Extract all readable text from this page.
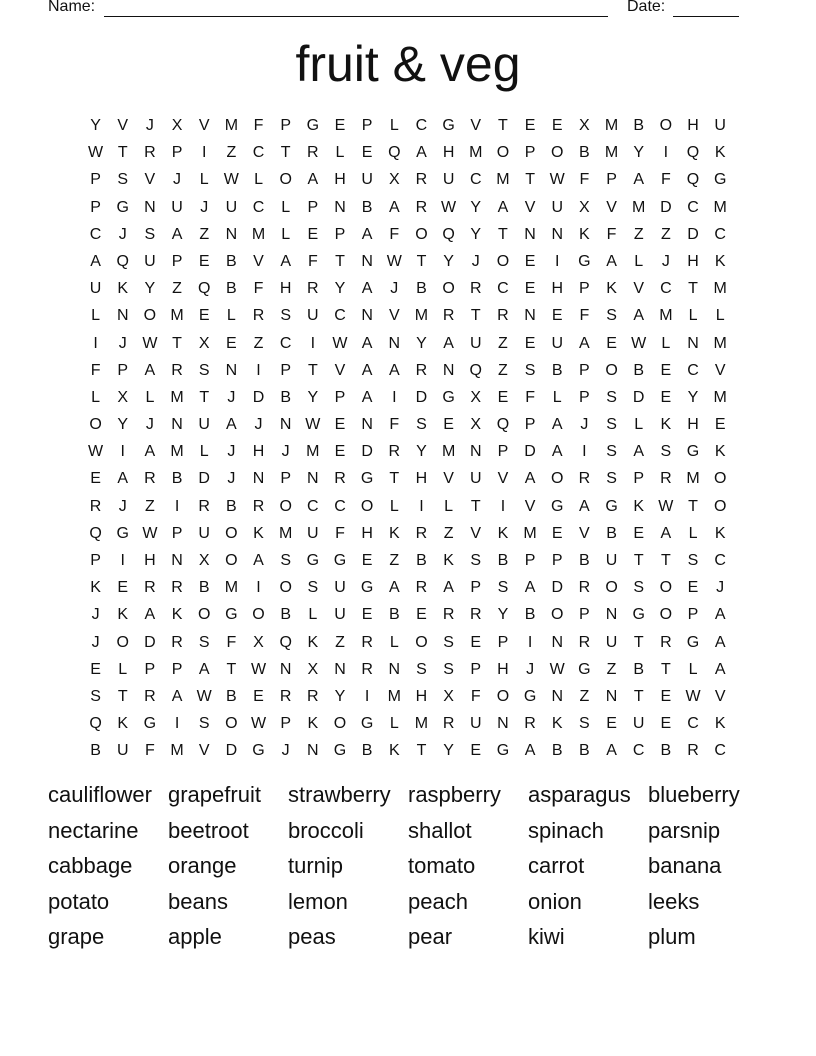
Name:	Date:
fruit & veg
Y	V	J	X	V M F	P G E	P	L	C G V	T	E	E	X M B O H U
W T	R	P	I	Z	C	T	R	L	E Q A	H M O P O B M Y	I	Q K
P	S	V	J	L W L	O A	H U	X	R U C M T W F	P	A	F	Q G
P G N U	J	U C	L	P	N	B	A	R W Y	A	V	U	X	V M D C M
C	J	S	A	Z	N M	L	E	P	A	F	O Q Y	T	N N	K	F	Z	Z	D C
A Q U	P	E	B	V	A	F	T	N W T	Y	J	O E	I	G A	L	J	H	K
U	K	Y	Z	Q B	F	H R	Y	A	J	B O R C	E	H	P	K	V	C	T M
L	N O M E	L	R	S	U C N	V M R	T	R N	E	F	S	A M	L	L
I	J W T	X	E	Z	C	I	W A	N	Y	A	U	Z	E	U	A	E W L	N M
F	P	A	R	S	N	I	P	T	V	A	A	R N Q	Z	S	B	P O B	E	C	V
L	X	L	M T	J	D	B	Y	P	A	I	D G X	E	F	L	P	S	D	E	Y M
O Y	J	N U	A	J	N W E	N	F	S	E	X Q P	A	J	S	L	K	H	E
W	I	A M	L	J	H	J	M E	D R	Y M N	P	D	A	I	S	A	S G K
E	A	R	B	D	J	N	P	N R G	T	H	V	U	V	A O R	S	P	R M O
R	J	Z	I	R	B	R O C C O	L	I	L	T	I	V G A G K W T	O
Q G W P	U O K M U	F	H	K	R	Z	V	K M E	V	B	E	A	L	K
P	I	H N	X O A	S G G E	Z	B	K	S	B	P	P	B	U	T	T	S	C
K	E	R R	B M	I	O S	U G A	R	A	P	S	A	D R O S O E	J
J	K	A	K O G O B	L	U	E	B	E	R R	Y	B O P	N G O P	A
J	O D R	S	F	X Q K	Z	R	L	O S	E	P	I	N R U	T	R G A
E	L	P	P	A	T W N	X	N R N	S	S	P	H	J W G	Z	B	T	L	A
S	T	R	A W B	E	R R	Y	I	M H	X	F	O G N	Z	N	T	E W V
Q K G	I	S O W P	K O G	L	M R U N R	K	S	E	U	E	C	K
B	U	F M V	D G	J	N G B	K	T	Y	E G A	B	B	A	C	B	R C
cauliflower grapefruit	strawberry raspberry	asparagus blueberry
nectarine	beetroot	broccoli	shallot	spinach	parsnip
cabbage	orange	turnip	tomato	carrot	banana
potato	beans	lemon	peach	onion	leeks
grape	apple	peas	pear	kiwi	plum
